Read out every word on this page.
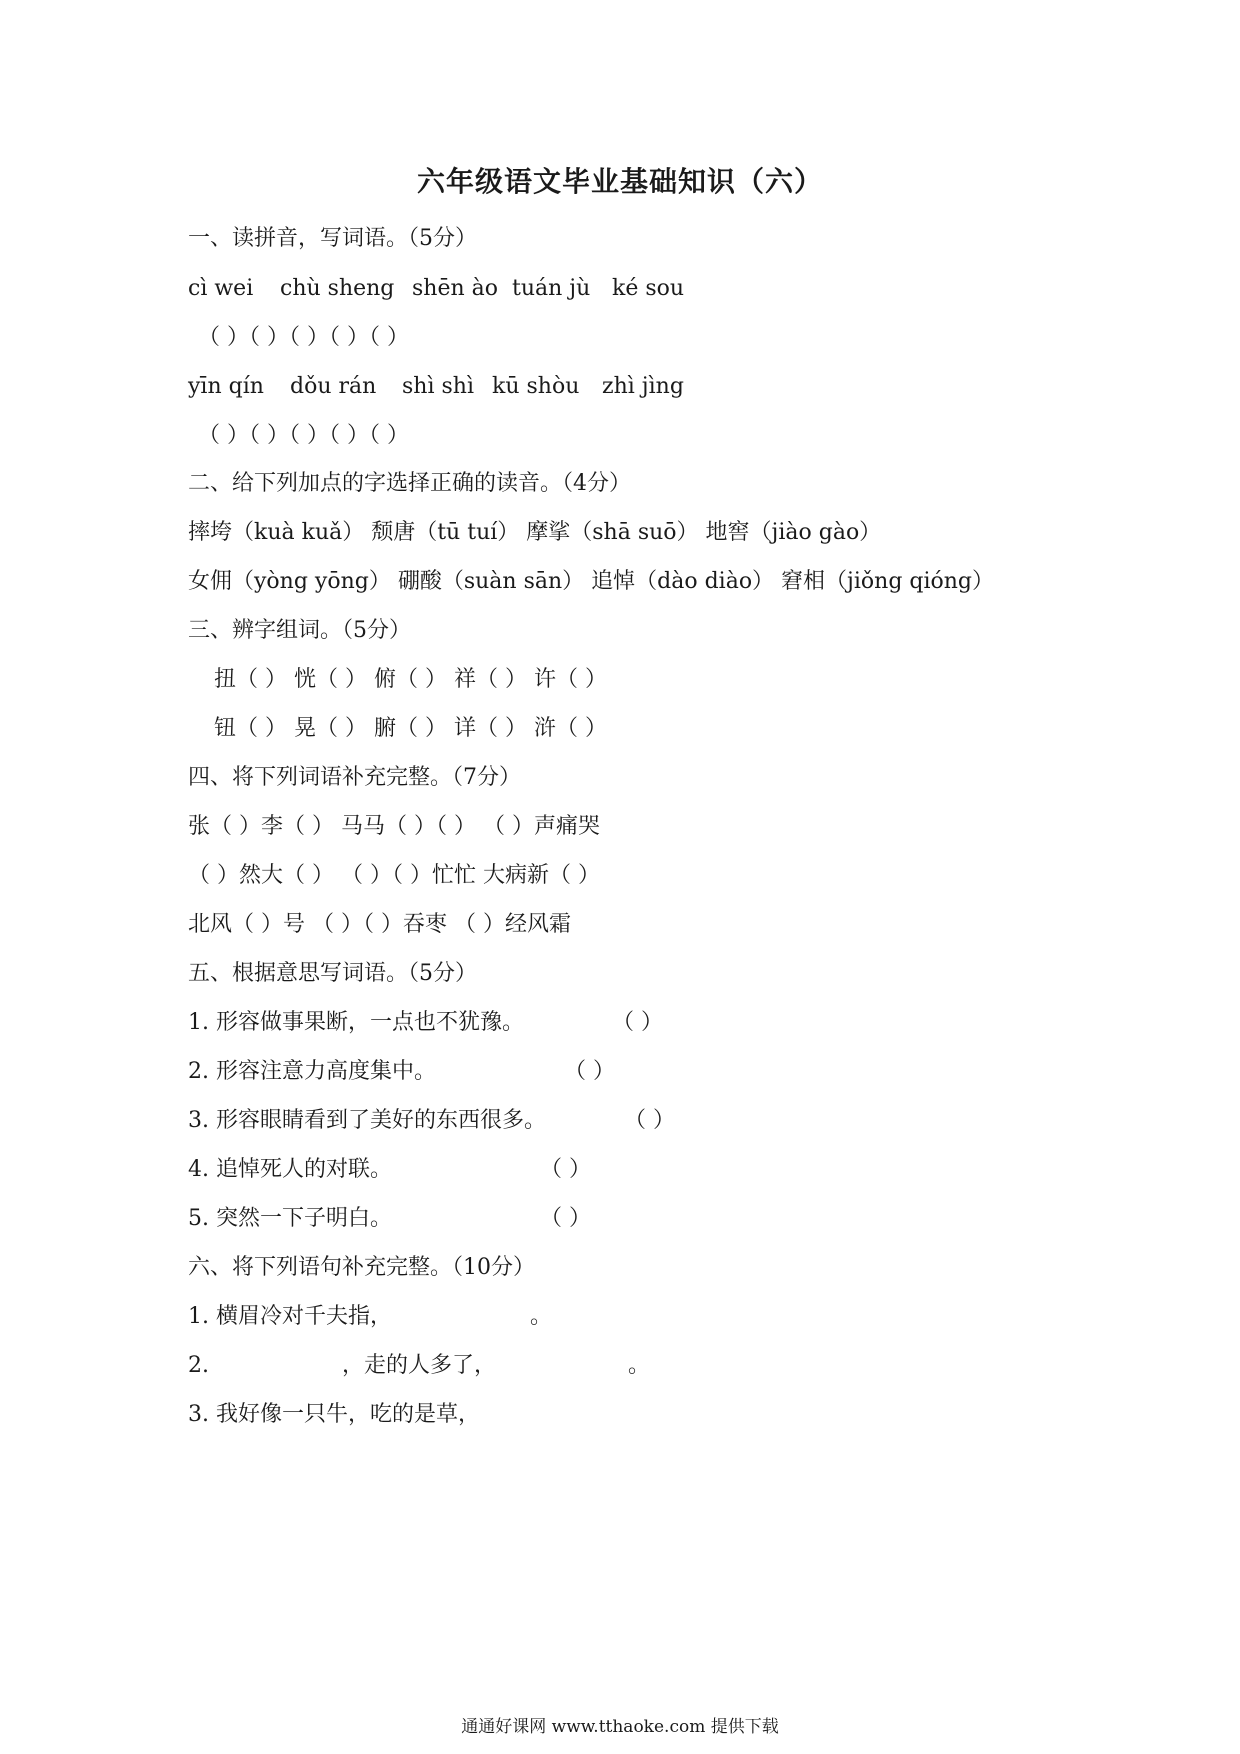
六年级语文毕业基础知识（六）
一、读拼音，写词语。（5分）
cì wei chù sheng shēn ào tuán jù ké sou
（ ）（ ）（ ）（ ）（ ）
yīn qín dǒu rán shì shì kū shòu zhì jìng
（ ）（ ）（ ）（ ）（ ）
二、给下列加点的字选择正确的读音。（4分）
摔垮（kuà kuǎ） 颓唐（tū tuí） 摩挲（shā suō） 地窖（jiào gào）
女佣（yòng yōng） 硼酸（suàn sān） 追悼（dào diào） 窘相（jiǒng qióng）
三、辨字组词。（5分）
扭（ ） 恍（ ） 俯（ ） 祥（ ） 许（ ）
钮（ ） 晃（ ） 腑（ ） 详（ ） 浒（ ）
四、将下列词语补充完整。（7分）
张（ ）李（ ） 马马（ ）（ ） （ ）声痛哭
（ ）然大（ ） （ ）（ ）忙忙 大病新（ ）
北风（ ）号 （ ）（ ）吞枣 （ ）经风霜
五、根据意思写词语。（5分）
1. 形容做事果断，一点也不犹豫。	（ ）
2. 形容注意力高度集中。	（ ）
3. 形容眼睛看到了美好的东西很多。	（ ）
4. 追悼死人的对联。	（ ）
5. 突然一下子明白。	（ ）
六、将下列语句补充完整。（10分）
1. 横眉冷对千夫指，	。
2.	，走的人多了，	。
3. 我好像一只牛，吃的是草，
通通好课网 www.tthaoke.com 提供下载
